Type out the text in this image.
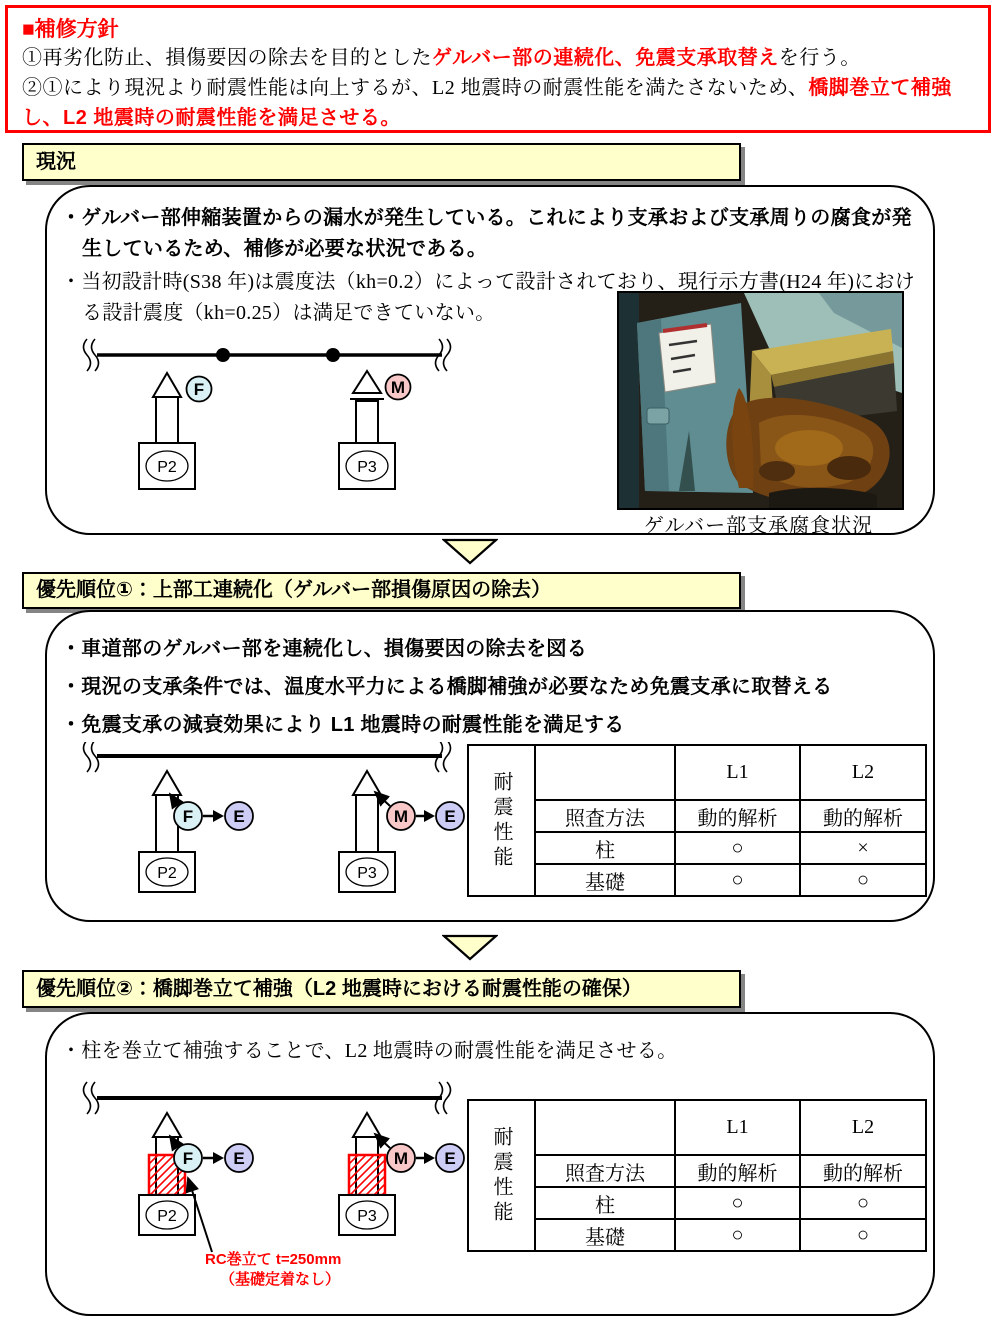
■補修方針
①再劣化防止、損傷要因の除去を目的としたゲルバー部の連続化、免震支承取替えを行う。
②①により現況より耐震性能は向上するが、L2 地震時の耐震性能を満たさないため、橋脚巻立て補強し、L2 地震時の耐震性能を満足させる。
現況
・ゲルバー部伸縮装置からの漏水が発生している。これにより支承および支承周りの腐食が発生しているため、補修が必要な状況である。
・当初設計時(S38 年)は震度法（kh=0.2）によって設計されており、現行示方書(H24 年)における設計震度（kh=0.25）は満足できていない。
F
P2
M
P3
ゲルバー部支承腐食状況
優先順位①：上部工連続化（ゲルバー部損傷原因の除去）
・車道部のゲルバー部を連続化し、損傷要因の除去を図る
・現況の支承条件では、温度水平力による橋脚補強が必要なため免震支承に取替える
・免震支承の減衰効果により L1 地震時の耐震性能を満足する
P2
F E
P3
M E 耐震性能		L1	L2
	照査方法	動的解析	動的解析
	柱	○	×
	基礎	○	○
優先順位②：橋脚巻立て補強（L2 地震時における耐震性能の確保）
・柱を巻立て補強することで、L2 地震時の耐震性能を満足させる。
P2
F E
P3
M E
RC巻立て t=250mm
（基礎定着なし）
耐震性能		L1	L2
	照査方法	動的解析	動的解析
	柱	○	○
	基礎	○	○
